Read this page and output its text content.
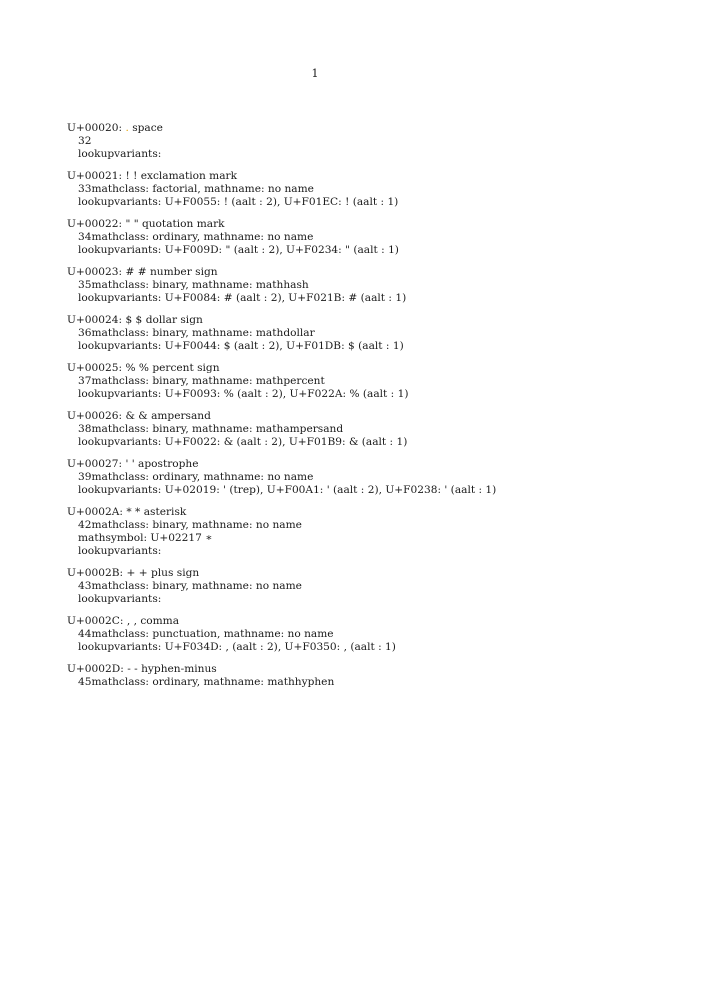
1
U+00020: . space
32
lookupvariants:
U+00021: ! ! exclamation mark
33mathclass: factorial, mathname: no name
lookupvariants: U+F0055: ! (aalt : 2), U+F01EC: ! (aalt : 1)
U+00022: " " quotation mark
34mathclass: ordinary, mathname: no name
lookupvariants: U+F009D: " (aalt : 2), U+F0234: " (aalt : 1)
U+00023: # # number sign
35mathclass: binary, mathname: mathhash
lookupvariants: U+F0084: # (aalt : 2), U+F021B: # (aalt : 1)
U+00024: $ $ dollar sign
36mathclass: binary, mathname: mathdollar
lookupvariants: U+F0044: $ (aalt : 2), U+F01DB: $ (aalt : 1)
U+00025: % % percent sign
37mathclass: binary, mathname: mathpercent
lookupvariants: U+F0093: % (aalt : 2), U+F022A: % (aalt : 1)
U+00026: & & ampersand
38mathclass: binary, mathname: mathampersand
lookupvariants: U+F0022: & (aalt : 2), U+F01B9: & (aalt : 1)
U+00027: ' ' apostrophe
39mathclass: ordinary, mathname: no name
lookupvariants: U+02019: ' (trep), U+F00A1: ' (aalt : 2), U+F0238: ' (aalt : 1)
U+0002A: * * asterisk
42mathclass: binary, mathname: no name
mathsymbol: U+02217 ∗
lookupvariants:
U+0002B: + + plus sign
43mathclass: binary, mathname: no name
lookupvariants:
U+0002C: , , comma
44mathclass: punctuation, mathname: no name
lookupvariants: U+F034D: , (aalt : 2), U+F0350: , (aalt : 1)
U+0002D: - - hyphen-minus
45mathclass: ordinary, mathname: mathhyphen
